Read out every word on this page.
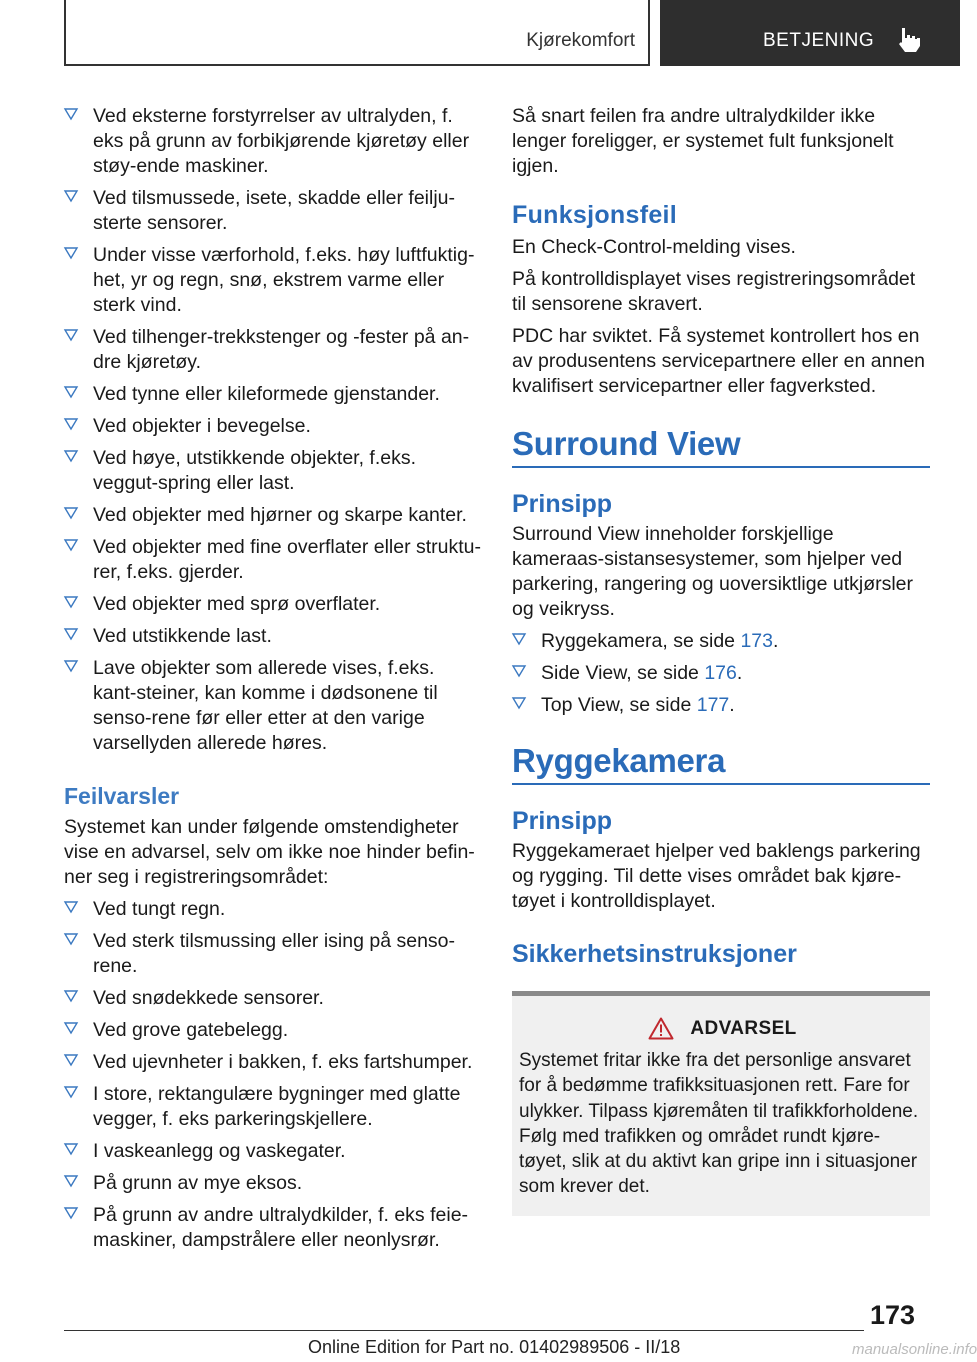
Kjørekomfort	BETJENING
Ved eksterne forstyrrelser av ultralyden, f. eks på grunn av forbikjørende kjøretøy eller støy-ende maskiner.
Ved tilsmussede, isete, skadde eller feilju-sterte sensorer.
Under visse værforhold, f.eks. høy luftfuktig-het, yr og regn, snø, ekstrem varme eller sterk vind.
Ved tilhenger-trekkstenger og -fester på an-dre kjøretøy.
Ved tynne eller kileformede gjenstander.
Ved objekter i bevegelse.
Ved høye, utstikkende objekter, f.eks. veggut-spring eller last.
Ved objekter med hjørner og skarpe kanter.
Ved objekter med fine overflater eller struktu-rer, f.eks. gjerder.
Ved objekter med sprø overflater.
Ved utstikkende last.
Lave objekter som allerede vises, f.eks. kant-steiner, kan komme i dødsonene til senso-rene før eller etter at den varige varsellyden allerede høres.
Feilvarsler

Systemet kan under følgende omstendigheter vise en advarsel, selv om ikke noe hinder befin-ner seg i registreringsområdet:

Ved tungt regn.
Ved sterk tilsmussing eller ising på senso-rene.
Ved snødekkede sensorer.
Ved grove gatebelegg.
Ved ujevnheter i bakken, f. eks fartshumper.
I store, rektangulære bygninger med glatte vegger, f. eks parkeringskjellere.
I vaskeanlegg og vaskegater.
På grunn av mye eksos.
På grunn av andre ultralydkilder, f. eks feie-maskiner, dampstrålere eller neonlysrør.

Så snart feilen fra andre ultralydkilder ikke lenger foreligger, er systemet fult funksjonelt igjen.

Funksjonsfeil

En Check-Control-melding vises.

På kontrolldisplayet vises registreringsområdet til sensorene skravert.

PDC har sviktet. Få systemet kontrollert hos en av produsentens servicepartnere eller en annen kvalifisert servicepartner eller fagverksted.

Surround View
Prinsipp

Surround View inneholder forskjellige kameraas-sistansesystemer, som hjelper ved parkering, rangering og uoversiktlige utkjørsler og veikryss.

Ryggekamera, se side 173.
Side View, se side 176.
Top View, se side 177.
Ryggekamera
Prinsipp

Ryggekameraet hjelper ved baklengs parkering og rygging. Til dette vises området bak kjøre-tøyet i kontrolldisplayet.

Sikkerhetsinstruksjoner
ADVARSEL
Systemet fritar ikke fra det personlige ansvaret for å bedømme trafikksituasjonen rett. Fare for ulykker. Tilpass kjøremåten til trafikkforholdene. Følg med trafikken og området rundt kjøre-tøyet, slik at du aktivt kan gripe inn i situasjoner som krever det.
173
Online Edition for Part no. 01402989506 - II/18	manualsonline.info
